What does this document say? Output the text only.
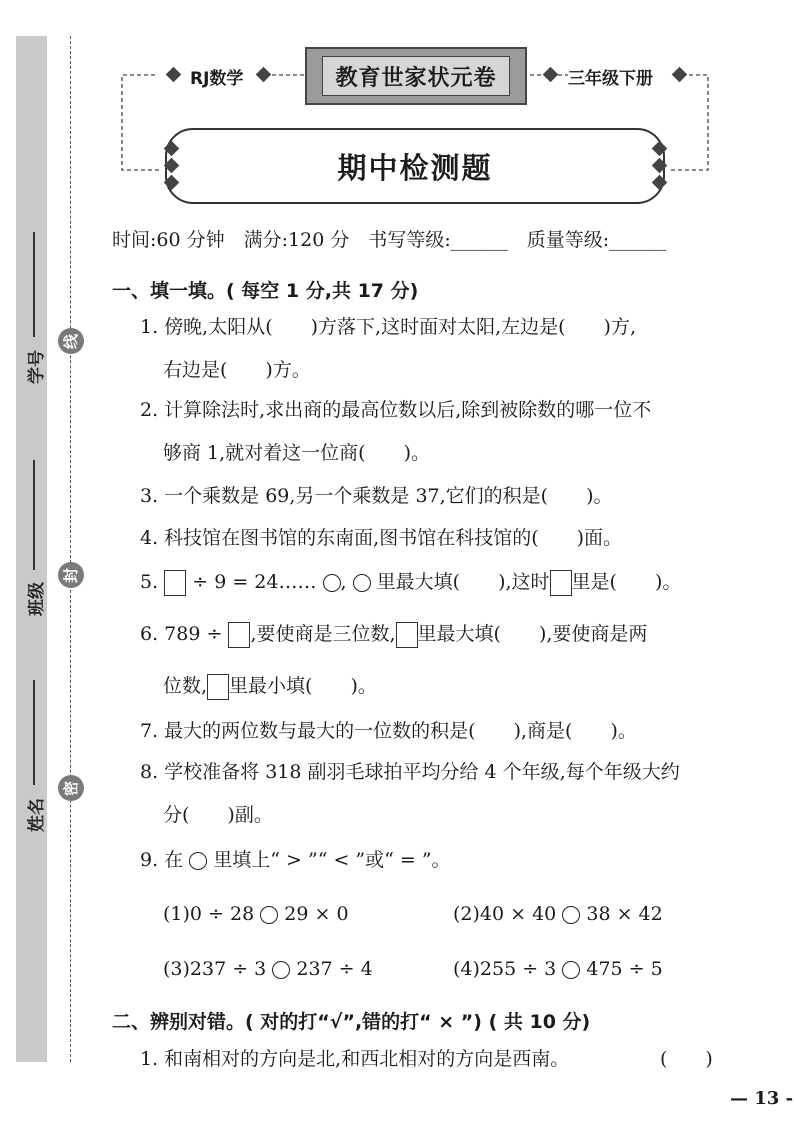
学号
班级
姓名
线
封
密
RJ数学	教育世家状元卷	三年级下册
期中检测题
时间:60 分钟　满分:120 分　书写等级:______　质量等级:______
一、填一填。( 每空 1 分,共 17 分)
1. 傍晚,太阳从(　　)方落下,这时面对太阳,左边是(　　)方,
右边是(　　)方。
2. 计算除法时,求出商的最高位数以后,除到被除数的哪一位不
够商 1,就对着这一位商(　　)。
3. 一个乘数是 69,另一个乘数是 37,它们的积是(　　)。
4. 科技馆在图书馆的东南面,图书馆在科技馆的(　　)面。
5. ÷ 9 = 24…… , 里最大填(　　),这时 里是(　　)。
6. 789 ÷ ,要使商是三位数, 里最大填(　　),要使商是两
位数, 里最小填(　　)。
7. 最大的两位数与最大的一位数的积是(　　),商是(　　)。
8. 学校准备将 318 副羽毛球拍平均分给 4 个年级,每个年级大约
分(　　)副。
9. 在 里填上“ > ”“ < ”或“ = ”。
(1)0 ÷ 28 29 × 0	(2)40 × 40 38 × 42
(3)237 ÷ 3 237 ÷ 4	(4)255 ÷ 3 475 ÷ 5
二、辨别对错。( 对的打“√”,错的打“ × ”) ( 共 10 分)
1. 和南相对的方向是北,和西北相对的方向是西南。	(　　)
— 13 -
